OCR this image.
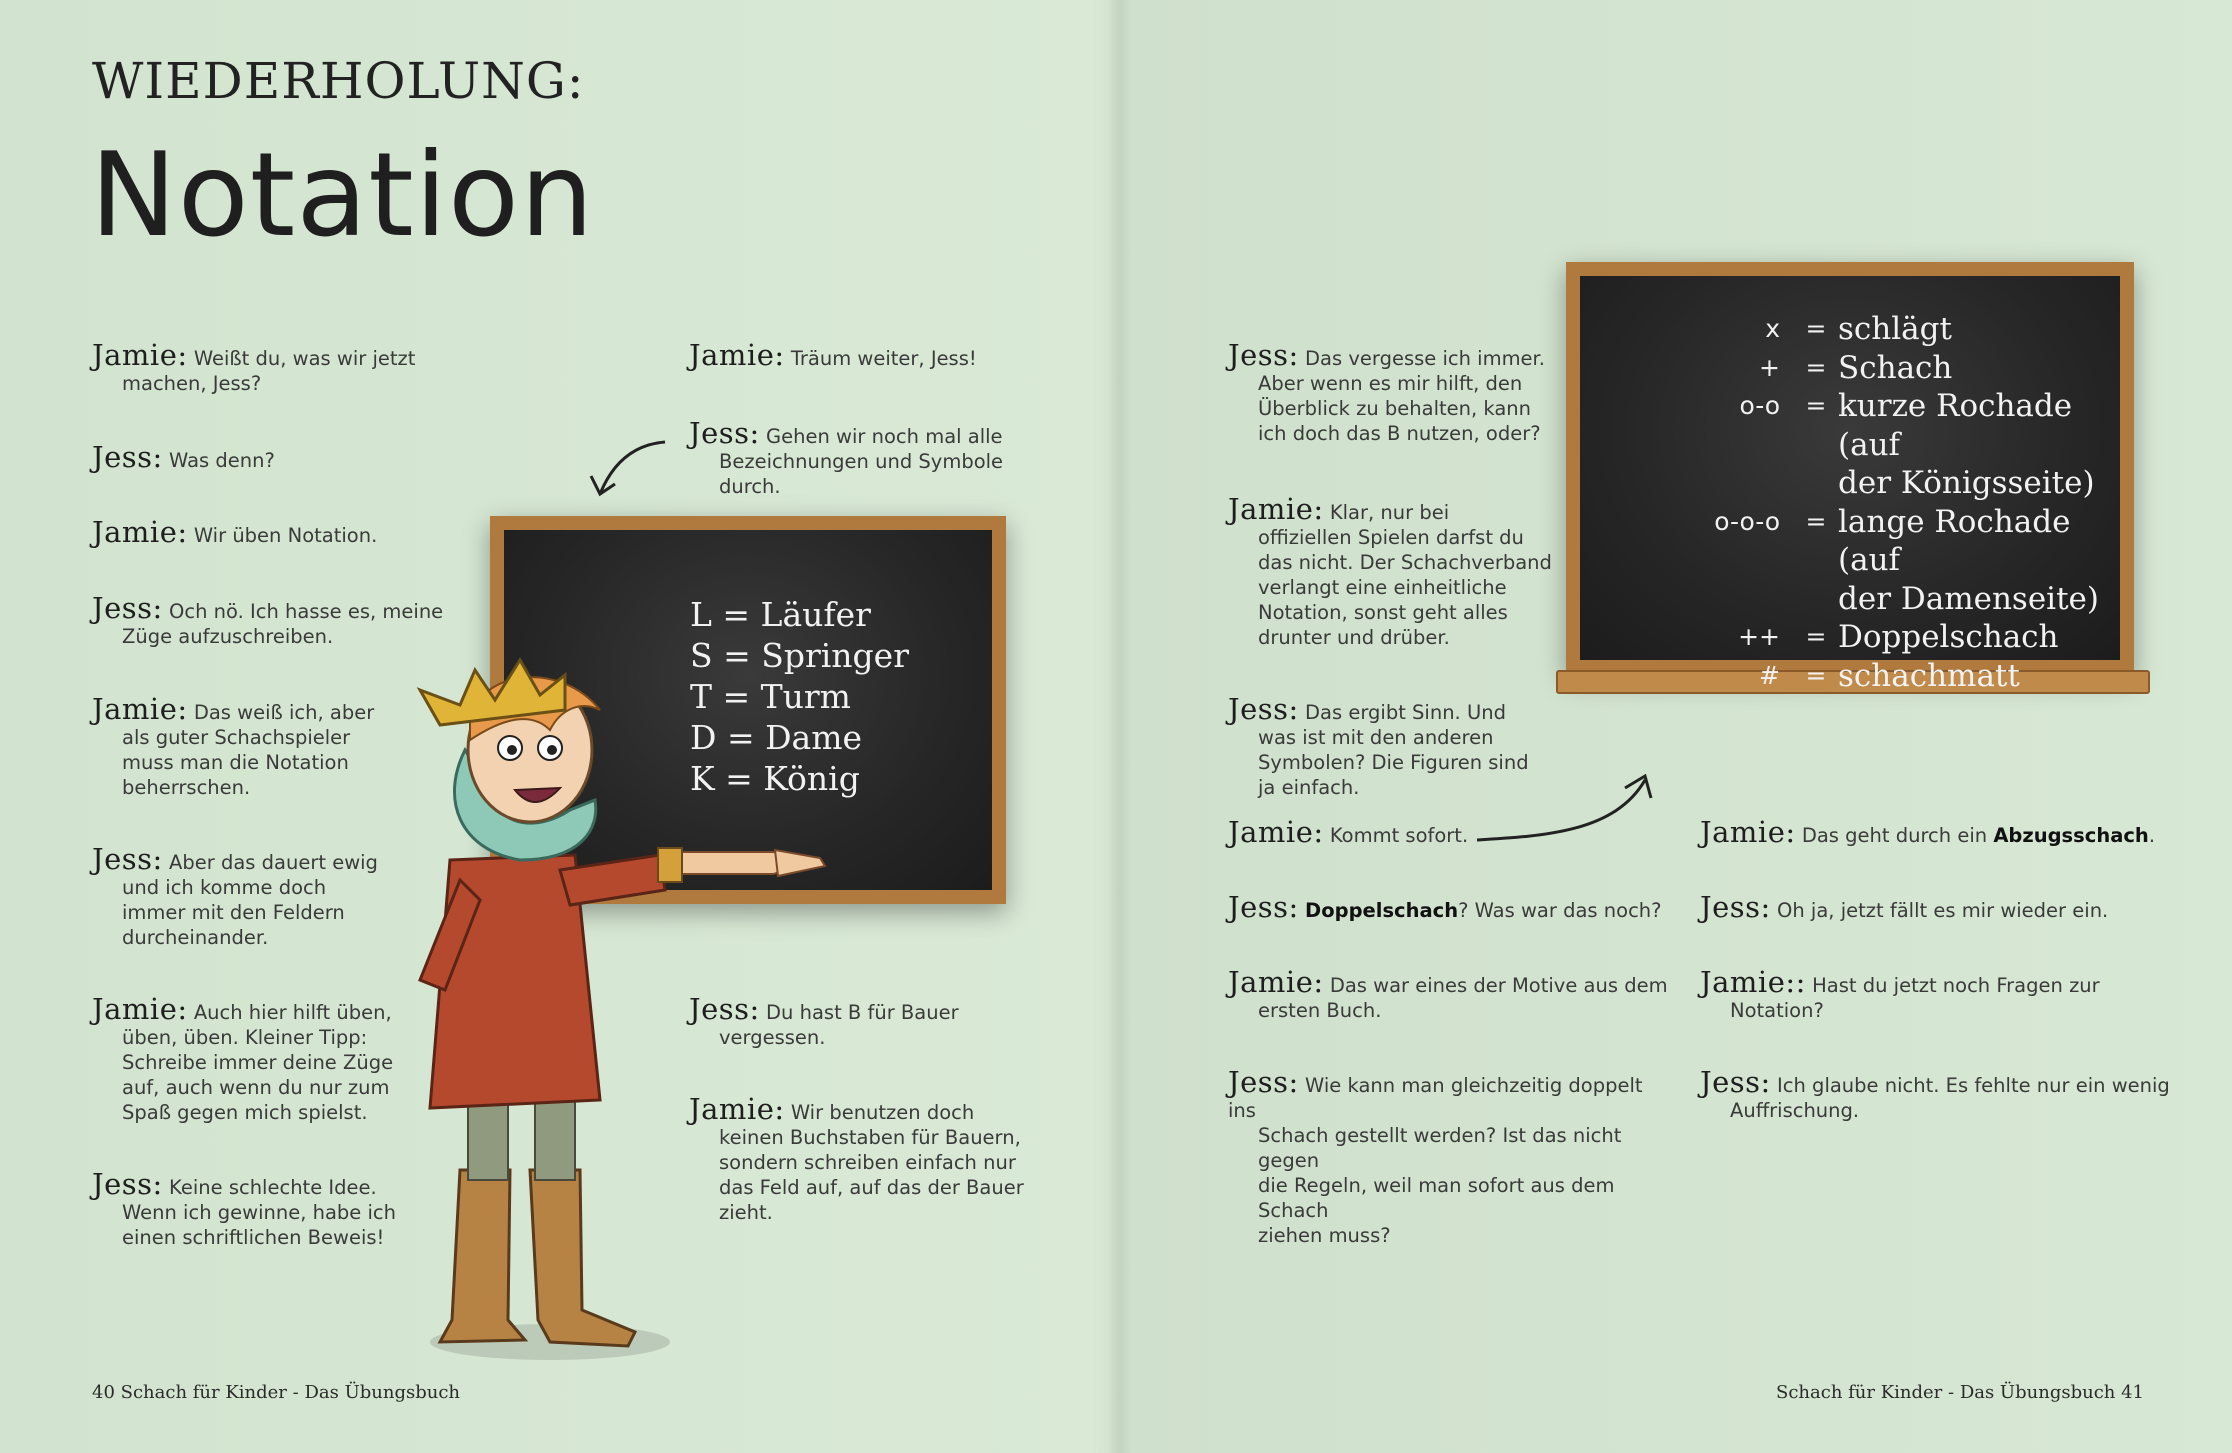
WIEDERHOLUNG:
Notation
Jamie: Weißt du, was wir jetzt
machen, Jess?
Jess: Was denn?
Jamie: Wir üben Notation.
Jess: Och nö. Ich hasse es, meine
Züge aufzuschreiben.
Jamie: Das weiß ich, aber
als guter Schachspieler
muss man die Notation
beherrschen.
Jess: Aber das dauert ewig
und ich komme doch
immer mit den Feldern
durcheinander.
Jamie: Auch hier hilft üben,
üben, üben. Kleiner Tipp:
Schreibe immer deine Züge
auf, auch wenn du nur zum
Spaß gegen mich spielst.
Jess: Keine schlechte Idee.
Wenn ich gewinne, habe ich
einen schriftlichen Beweis!
Jamie: Träum weiter, Jess!
Jess: Gehen wir noch mal alle
Bezeichnungen und Symbole
durch.
Jess: Du hast B für Bauer
vergessen.
Jamie: Wir benutzen doch
keinen Buchstaben für Bauern,
sondern schreiben einfach nur
das Feld auf, auf das der Bauer
zieht.
Jess: Das vergesse ich immer.
Aber wenn es mir hilft, den
Überblick zu behalten, kann
ich doch das B nutzen, oder?
Jamie: Klar, nur bei
offiziellen Spielen darfst du
das nicht. Der Schachverband
verlangt eine einheitliche
Notation, sonst geht alles
drunter und drüber.
Jess: Das ergibt Sinn. Und
was ist mit den anderen
Symbolen? Die Figuren sind
ja einfach.
Jamie: Kommt sofort.
Jess: Doppelschach? Was war das noch?
Jamie: Das war eines der Motive aus dem
ersten Buch.
Jess: Wie kann man gleichzeitig doppelt ins
Schach gestellt werden? Ist das nicht gegen
die Regeln, weil man sofort aus dem Schach
ziehen muss?
Jamie: Das geht durch ein Abzugsschach.
Jess: Oh ja, jetzt fällt es mir wieder ein.
Jamie:: Hast du jetzt noch Fragen zur
Notation?
Jess: Ich glaube nicht. Es fehlte nur ein wenig
Auffrischung.
L = Läufer
S = Springer
T = Turm
D = Dame
K = König
x	= schlägt
+	= Schach
o-o	= kurze Rochade (auf
der Königsseite)
o-o-o	= lange Rochade (auf
der Damenseite)
++	= Doppelschach
#	= schachmatt
40 Schach für Kinder - Das Übungsbuch	Schach für Kinder - Das Übungsbuch 41
